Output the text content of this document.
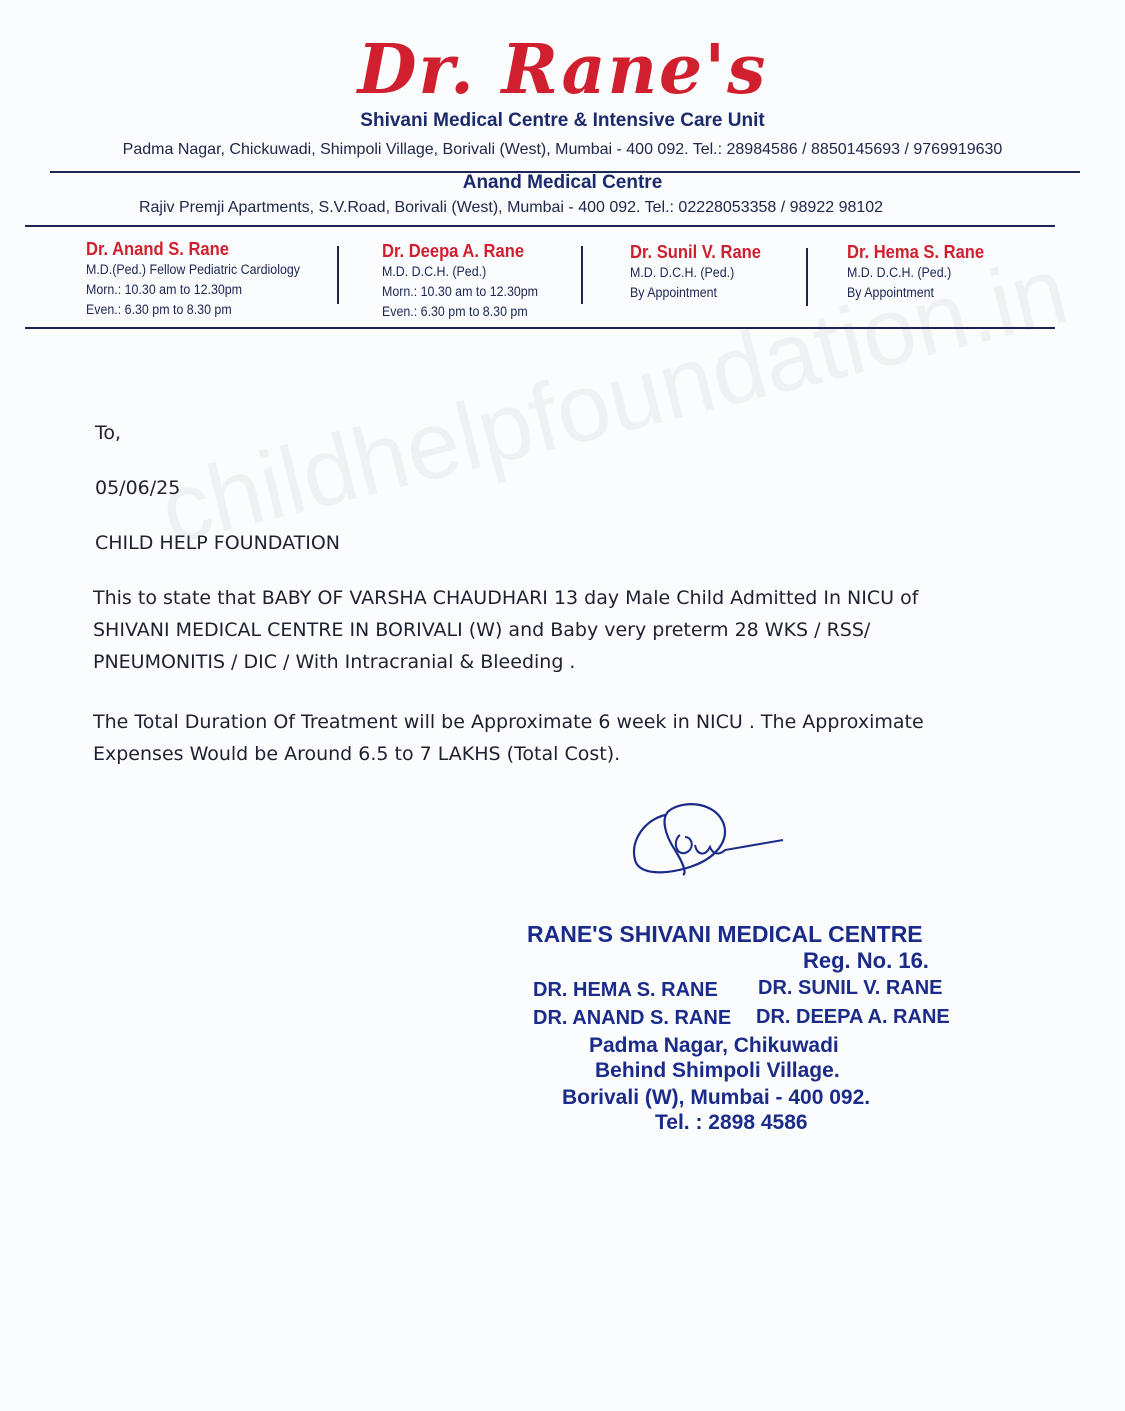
Dr. Rane's
Shivani Medical Centre & Intensive Care Unit
Padma Nagar, Chickuwadi, Shimpoli Village, Borivali (West), Mumbai - 400 092. Tel.: 28984586 / 8850145693 / 9769919630
Anand Medical Centre
Rajiv Premji Apartments, S.V.Road, Borivali (West), Mumbai - 400 092. Tel.: 02228053358 / 98922 98102
Dr. Anand S. Rane
M.D.(Ped.) Fellow Pediatric Cardiology
Morn.: 10.30 am to 12.30pm
Even.: 6.30 pm to 8.30 pm
Dr. Deepa A. Rane
M.D. D.C.H. (Ped.)
Morn.: 10.30 am to 12.30pm
Even.: 6.30 pm to 8.30 pm
Dr. Sunil V. Rane
M.D. D.C.H. (Ped.)
By Appointment
Dr. Hema S. Rane
M.D. D.C.H. (Ped.)
By Appointment
To,
05/06/25
CHILD HELP FOUNDATION
This to state that BABY OF VARSHA CHAUDHARI 13 day Male Child Admitted In NICU of
SHIVANI MEDICAL CENTRE IN BORIVALI (W) and Baby very preterm 28 WKS / RSS/
PNEUMONITIS / DIC / With Intracranial & Bleeding .
The Total Duration Of Treatment will be Approximate 6 week in NICU . The Approximate
Expenses Would be Around 6.5 to 7 LAKHS (Total Cost).
RANE'S SHIVANI MEDICAL CENTRE
Reg. No. 16.
DR. HEMA S. RANE DR. SUNIL V. RANE
DR. ANAND S. RANE DR. DEEPA A. RANE
Padma Nagar, Chikuwadi
Behind Shimpoli Village.
Borivali (W), Mumbai - 400 092.
Tel. : 2898 4586
